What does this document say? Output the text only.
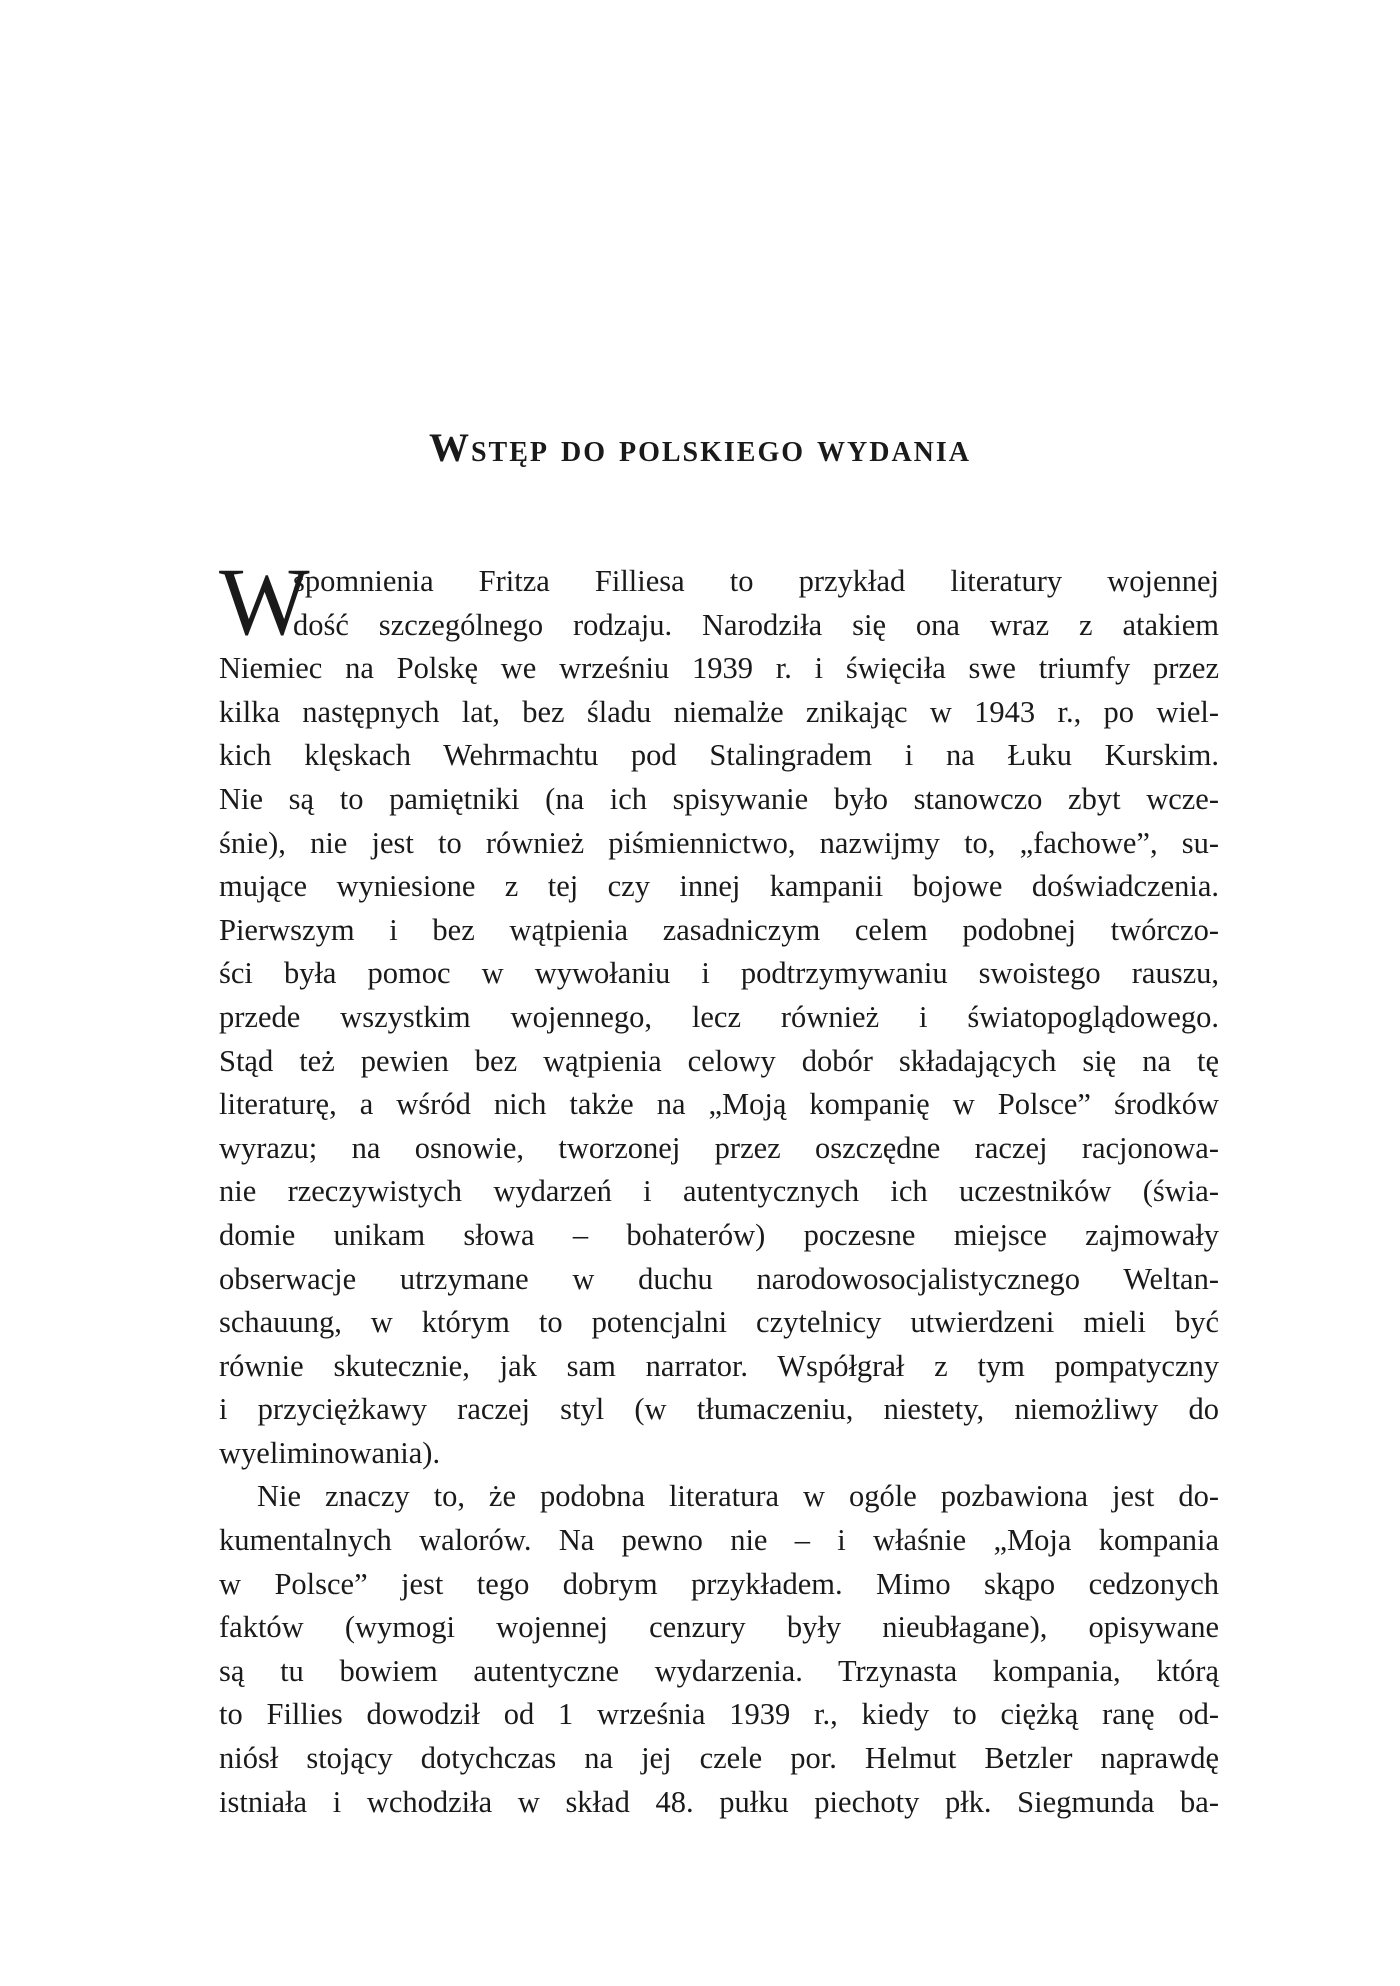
Wstęp do polskiego wydania
W
spomnienia Fritza Filliesa to przykład literatury wojennej
dość szczególnego rodzaju. Narodziła się ona wraz z atakiem
Niemiec na Polskę we wrześniu 1939 r. i święciła swe triumfy przez
kilka następnych lat, bez śladu niemalże znikając w 1943 r., po wiel-
kich klęskach Wehrmachtu pod Stalingradem i na Łuku Kurskim.
Nie są to pamiętniki (na ich spisywanie było stanowczo zbyt wcze-
śnie), nie jest to również piśmiennictwo, nazwijmy to, „fachowe”, su-
mujące wyniesione z tej czy innej kampanii bojowe doświadczenia.
Pierwszym i bez wątpienia zasadniczym celem podobnej twórczo-
ści była pomoc w wywołaniu i podtrzymywaniu swoistego rauszu,
przede wszystkim wojennego, lecz również i światopoglądowego.
Stąd też pewien bez wątpienia celowy dobór składających się na tę
literaturę, a wśród nich także na „Moją kompanię w Polsce” środków
wyrazu; na osnowie, tworzonej przez oszczędne raczej racjonowa-
nie rzeczywistych wydarzeń i autentycznych ich uczestników (świa-
domie unikam słowa – bohaterów) poczesne miejsce zajmowały
obserwacje utrzymane w duchu narodowosocjalistycznego Weltan-
schauung, w którym to potencjalni czytelnicy utwierdzeni mieli być
równie skutecznie, jak sam narrator. Współgrał z tym pompatyczny
i przyciężkawy raczej styl (w tłumaczeniu, niestety, niemożliwy do
wyeliminowania).
Nie znaczy to, że podobna literatura w ogóle pozbawiona jest do-
kumentalnych walorów. Na pewno nie – i właśnie „Moja kompania
w Polsce” jest tego dobrym przykładem. Mimo skąpo cedzonych
faktów (wymogi wojennej cenzury były nieubłagane), opisywane
są tu bowiem autentyczne wydarzenia. Trzynasta kompania, którą
to Fillies dowodził od 1 września 1939 r., kiedy to ciężką ranę od-
niósł stojący dotychczas na jej czele por. Helmut Betzler naprawdę
istniała i wchodziła w skład 48. pułku piechoty płk. Siegmunda ba-
